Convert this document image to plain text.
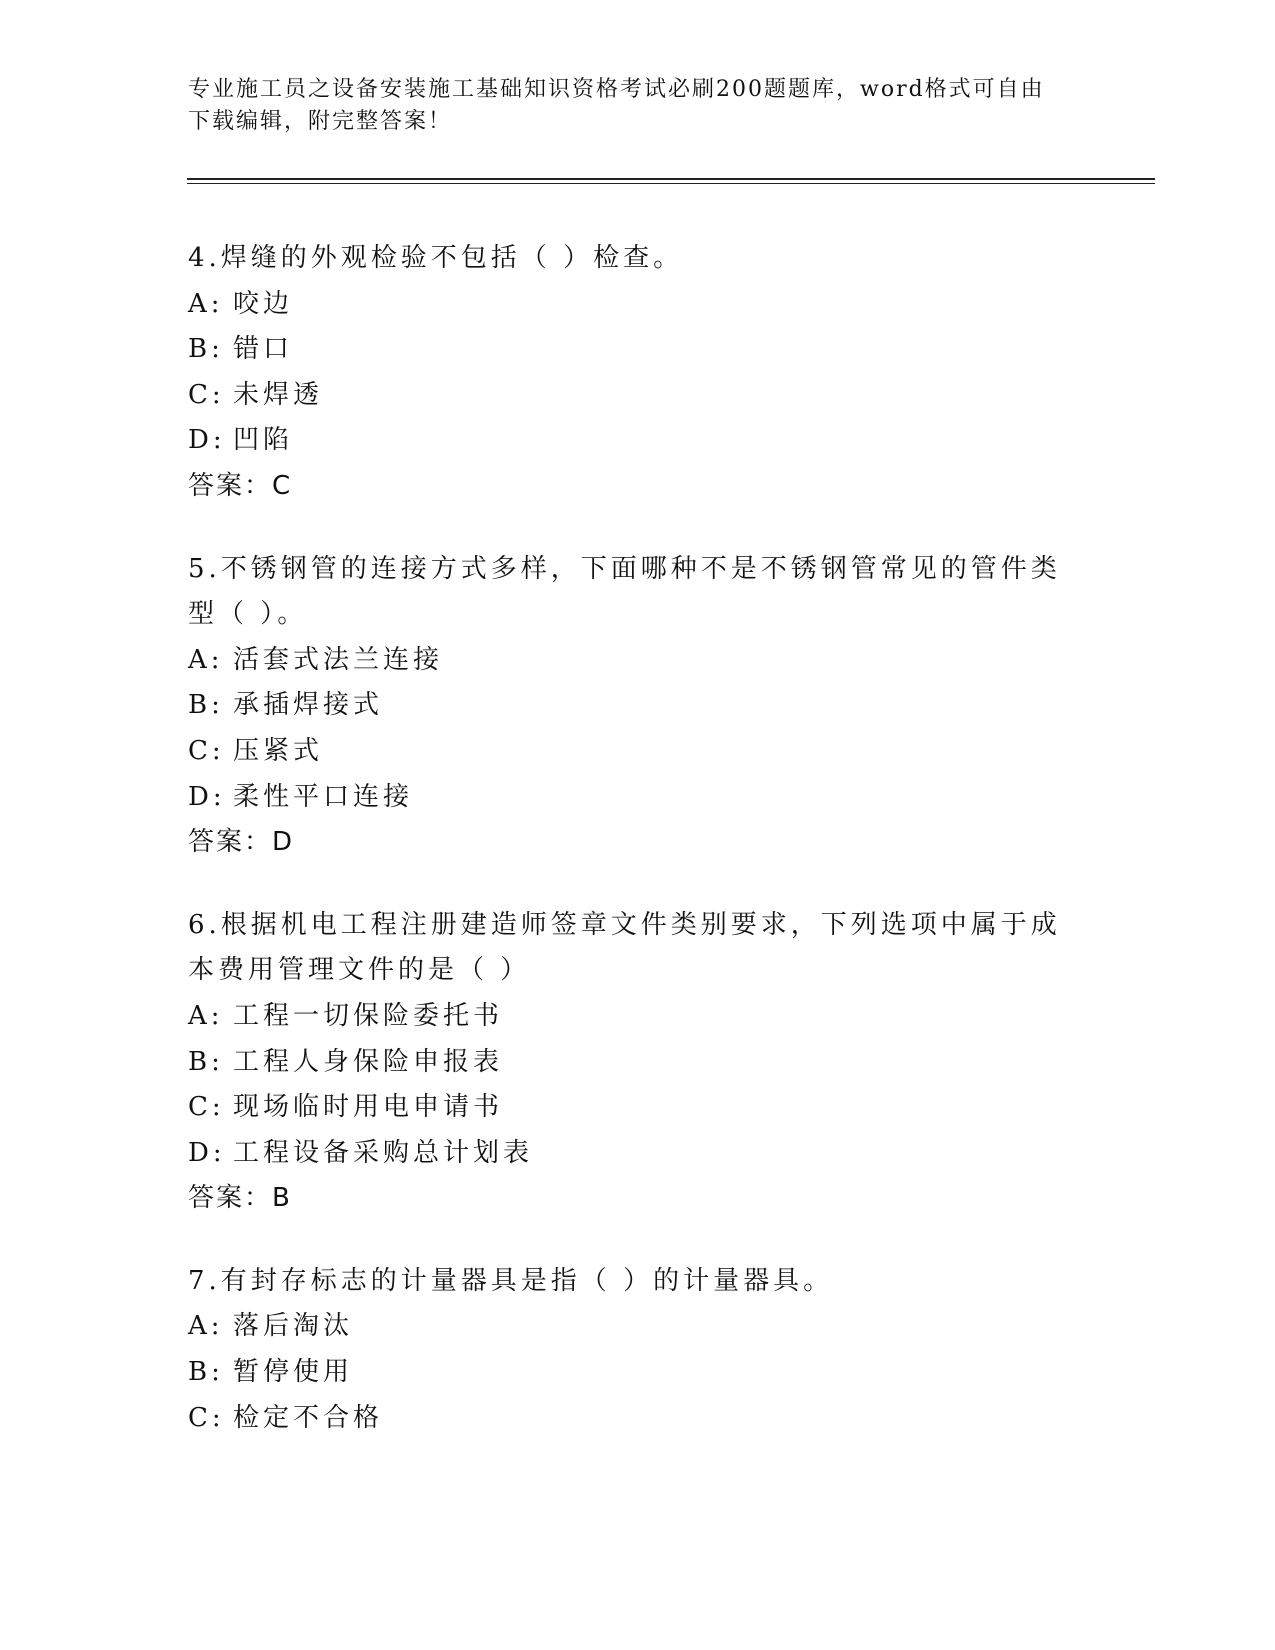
专业施工员之设备安装施工基础知识资格考试必刷200题题库，word格式可自由
下载编辑，附完整答案！
4.焊缝的外观检验不包括（ ）检查。
A: 咬边
B: 错口
C: 未焊透
D: 凹陷
答案：C
5.不锈钢管的连接方式多样，下面哪种不是不锈钢管常见的管件类型（ ）。
A: 活套式法兰连接
B: 承插焊接式
C: 压紧式
D: 柔性平口连接
答案：D
6.根据机电工程注册建造师签章文件类别要求，下列选项中属于成本费用管理文件的是（ ）
A: 工程一切保险委托书
B: 工程人身保险申报表
C: 现场临时用电申请书
D: 工程设备采购总计划表
答案：B
7.有封存标志的计量器具是指（ ）的计量器具。
A: 落后淘汰
B: 暂停使用
C: 检定不合格
